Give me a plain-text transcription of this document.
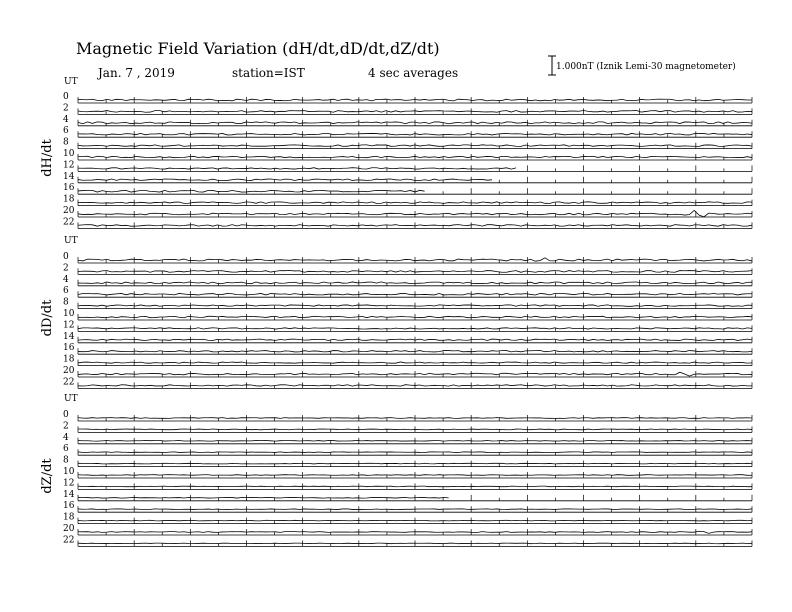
Magnetic Field Variation (dH/dt,dD/dt,dZ/dt)
Jan. 7 , 2019	station=IST	4 sec averages	1.000nT (Iznik Lemi-30 magnetometer)
UT
dH/dt
0
2
4
6
8
10
12
14
16
18
20
22
UT
dD/dt
0
2
4
6
8
10
12
14
16
18
20
22
UT
dZ/dt
0
2
4
6
8
10
12
14
16
18
20
22
